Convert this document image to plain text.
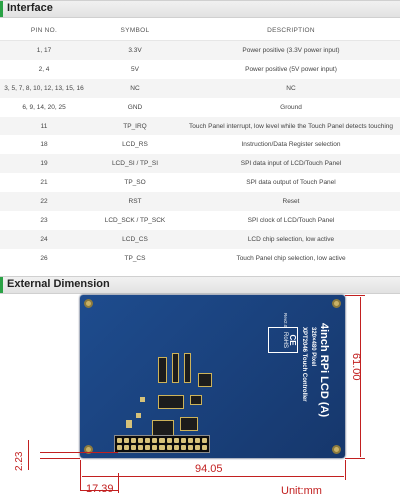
Interface
PIN NO.	SYMBOL	DESCRIPTION
1, 17	3.3V	Power positive (3.3V power input)
2, 4	5V	Power positive (5V power input)
3, 5, 7, 8, 10, 12, 13, 15, 16	NC	NC
6, 9, 14, 20, 25	GND	Ground
11	TP_IRQ	Touch Panel interrupt, low level while the Touch Panel detects touching
18	LCD_RS	Instruction/Data Register selection
19	LCD_SI / TP_SI	SPI data input of LCD/Touch Panel
21	TP_SO	SPI data output of Touch Panel
22	RST	Reset
23	LCD_SCK / TP_SCK	SPI clock of LCD/Touch Panel
24	LCD_CS	LCD chip selection, low active
26	TP_CS	Touch Panel chip selection, low active
External Dimension
4inch RPi LCD (A)
320×480 Pixel
XPT2046 Touch Controller
Rev2.0
CE
RoHS
61.00
94.05
17.39
2.23
Unit:mm
